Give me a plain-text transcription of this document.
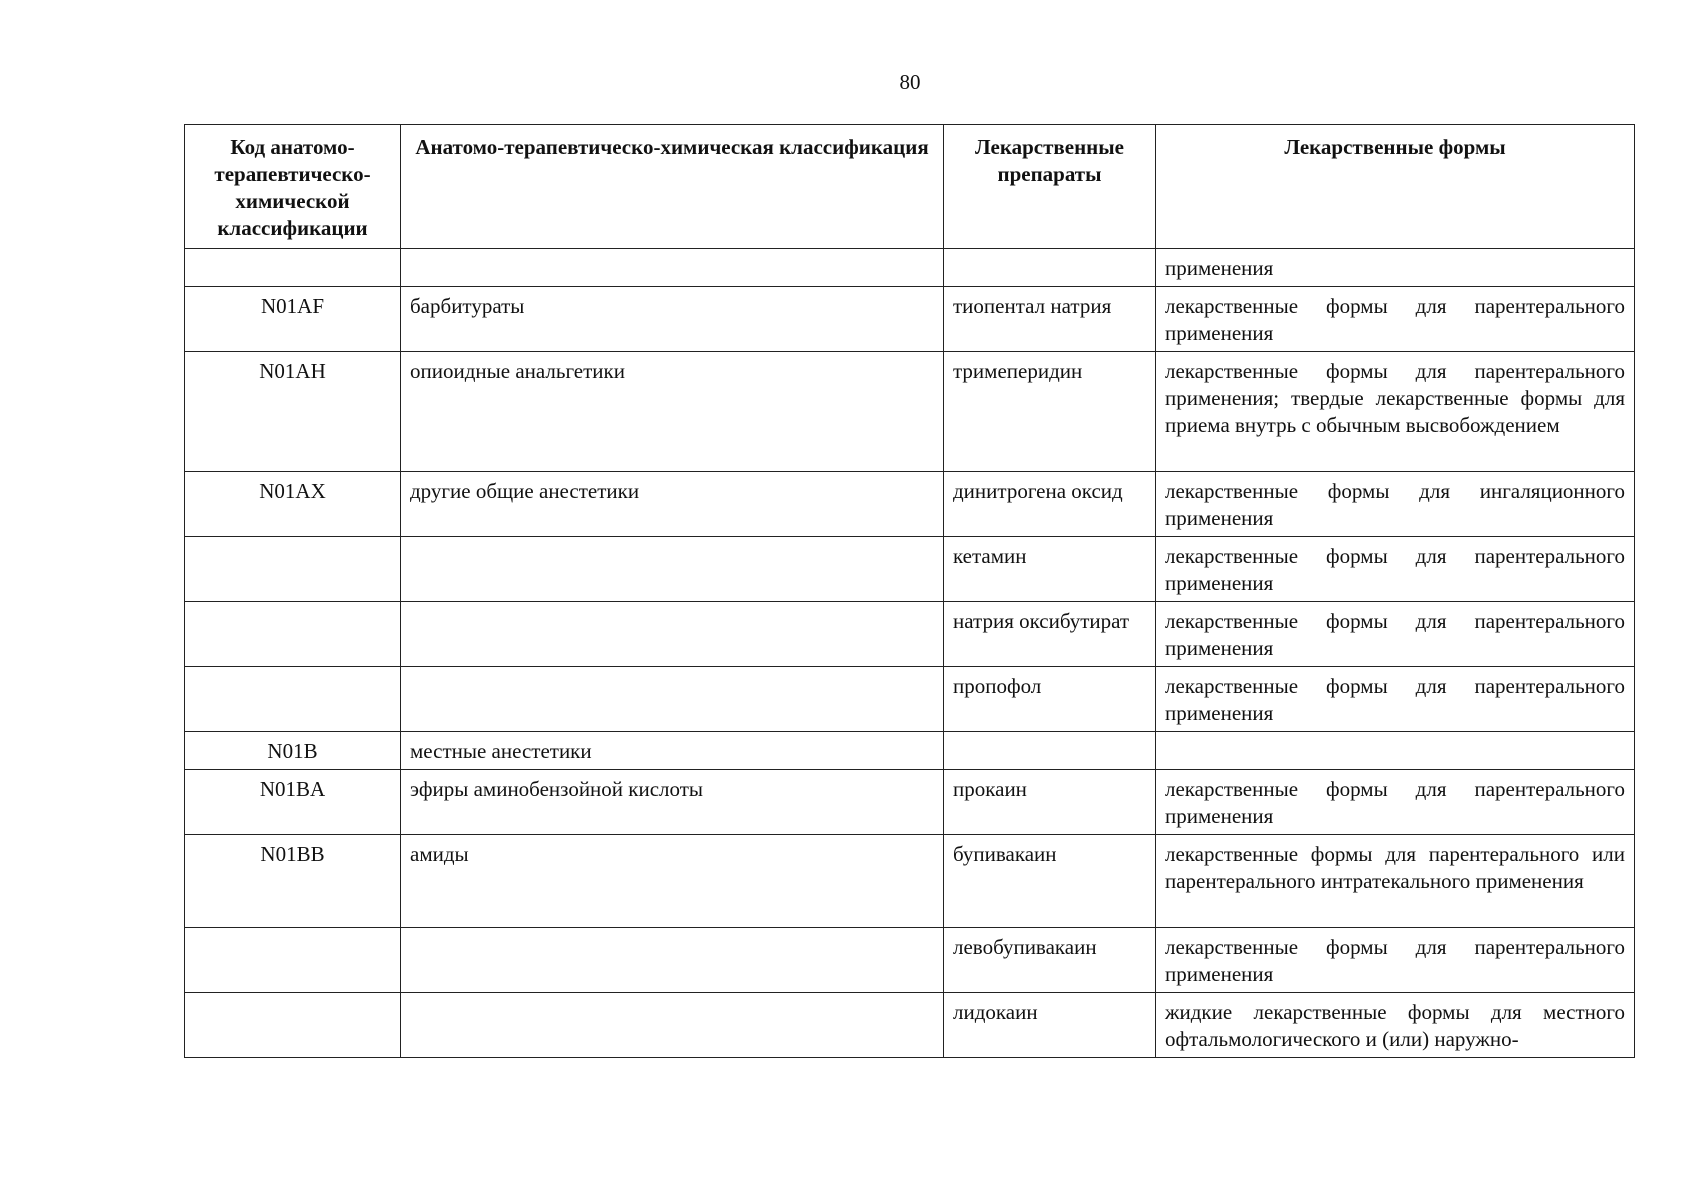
80
Код анатомо-терапевтическо-химической классификации	Анатомо-терапевтическо-химическая классификация	Лекарственные препараты	Лекарственные формы
			применения
N01AF	барбитураты	тиопентал натрия	лекарственные формы для парентерального применения
N01AH	опиоидные анальгетики	тримеперидин	лекарственные формы для парентерального применения; твердые лекарственные формы для приема внутрь с обычным высвобождением
N01AX	другие общие анестетики	динитрогена оксид	лекарственные формы для ингаляционного применения
		кетамин	лекарственные формы для парентерального применения
		натрия оксибутират	лекарственные формы для парентерального применения
		пропофол	лекарственные формы для парентерального применения
N01B	местные анестетики		
N01BA	эфиры аминобензойной кислоты	прокаин	лекарственные формы для парентерального применения
N01BB	амиды	бупивакаин	лекарственные формы для парентерального или парентерального интратекального применения
		левобупивакаин	лекарственные формы для парентерального применения
		лидокаин	жидкие лекарственные формы для местного офтальмологического и (или) наружно-
